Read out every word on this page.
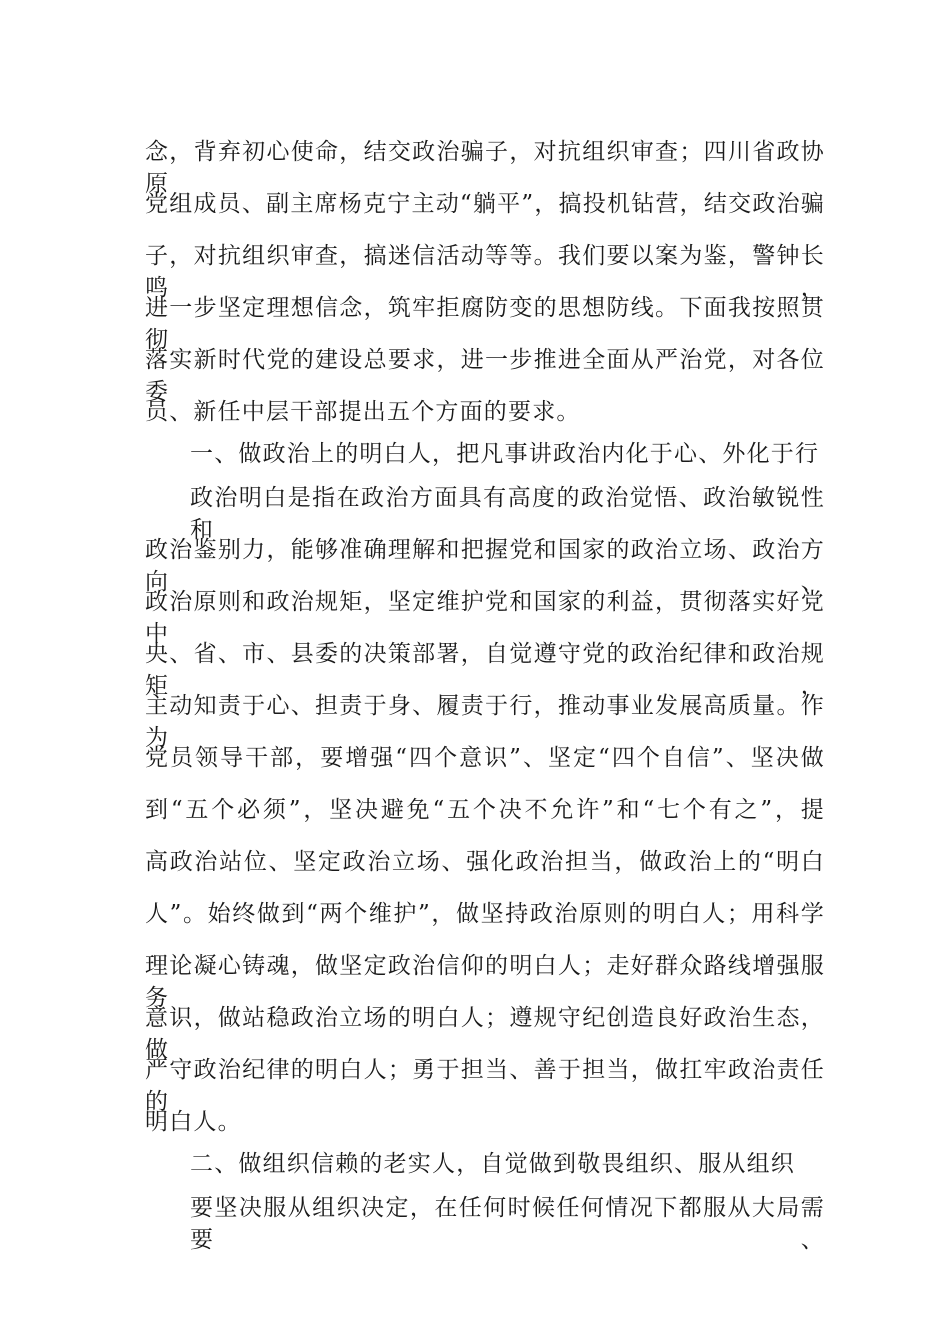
念，背弃初心使命，结交政治骗子，对抗组织审查；四川省政协原
党组成员、副主席杨克宁主动“躺平”，搞投机钻营，结交政治骗
子，对抗组织审查，搞迷信活动等等。我们要以案为鉴，警钟长鸣，
进一步坚定理想信念，筑牢拒腐防变的思想防线。下面我按照贯彻
落实新时代党的建设总要求，进一步推进全面从严治党，对各位委
员、新任中层干部提出五个方面的要求。
一、做政治上的明白人，把凡事讲政治内化于心、外化于行
政治明白是指在政治方面具有高度的政治觉悟、政治敏锐性和
政治鉴别力，能够准确理解和把握党和国家的政治立场、政治方向、
政治原则和政治规矩，坚定维护党和国家的利益，贯彻落实好党中
央、省、市、县委的决策部署，自觉遵守党的政治纪律和政治规矩，
主动知责于心、担责于身、履责于行，推动事业发展高质量。作为
党员领导干部，要增强“四个意识”、坚定“四个自信”、坚决做
到“五个必须”，坚决避免“五个决不允许”和“七个有之”，提
高政治站位、坚定政治立场、强化政治担当，做政治上的“明白
人”。始终做到“两个维护”，做坚持政治原则的明白人；用科学
理论凝心铸魂，做坚定政治信仰的明白人；走好群众路线增强服务
意识，做站稳政治立场的明白人；遵规守纪创造良好政治生态，做
严守政治纪律的明白人；勇于担当、善于担当，做扛牢政治责任的
明白人。
二、做组织信赖的老实人，自觉做到敬畏组织、服从组织
要坚决服从组织决定，在任何时候任何情况下都服从大局需要、
